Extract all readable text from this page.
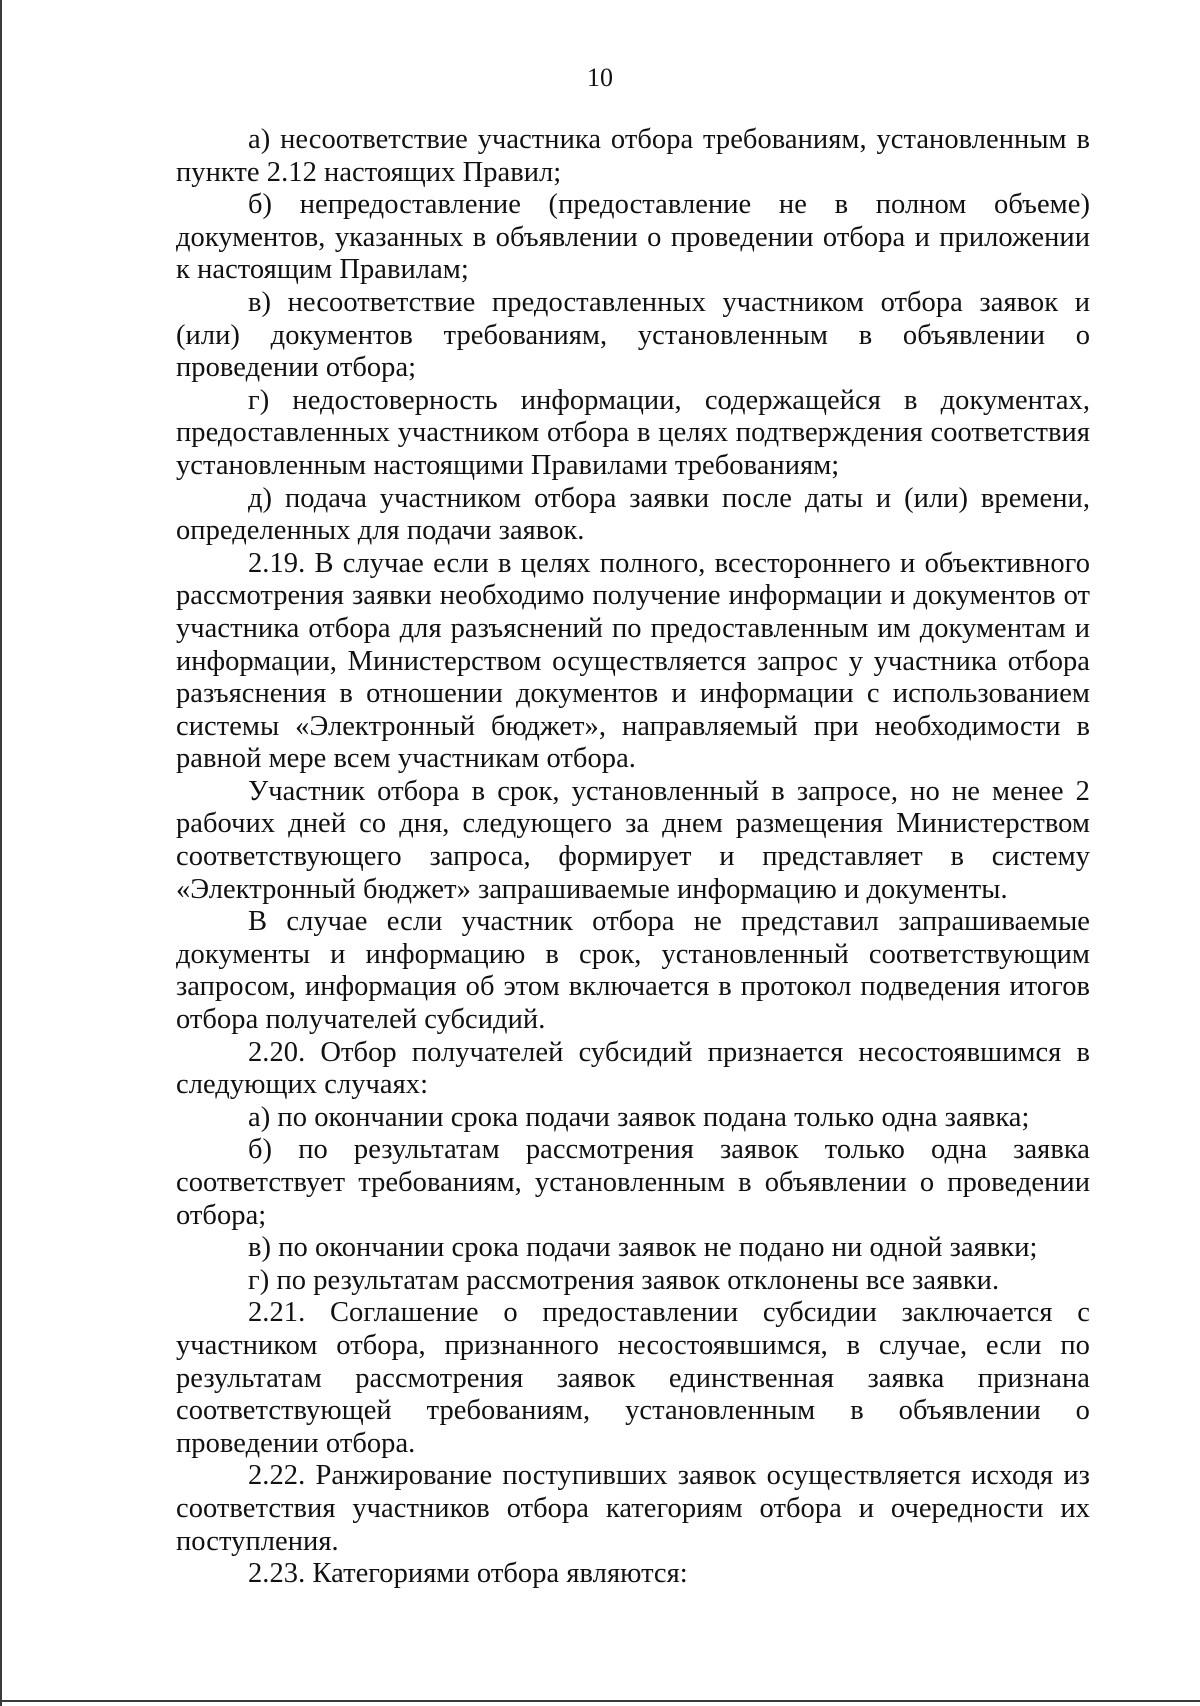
10

а) несоответствие участника отбора требованиям, установленным в пункте 2.12 настоящих Правил;

б) непредоставление (предоставление не в полном объеме) документов, указанных в объявлении о проведении отбора и приложении к настоящим Правилам;

в) несоответствие предоставленных участником отбора заявок и (или) документов требованиям, установленным в объявлении о проведении отбора;

г) недостоверность информации, содержащейся в документах, предоставленных участником отбора в целях подтверждения соответствия установленным настоящими Правилами требованиям;

д) подача участником отбора заявки после даты и (или) времени, определенных для подачи заявок.

2.19. В случае если в целях полного, всестороннего и объективного рассмотрения заявки необходимо получение информации и документов от участника отбора для разъяснений по предоставленным им документам и информации, Министерством осуществляется запрос у участника отбора разъяснения в отношении документов и информации с использованием системы «Электронный бюджет», направляемый при необходимости в равной мере всем участникам отбора.

Участник отбора в срок, установленный в запросе, но не менее 2 рабочих дней со дня, следующего за днем размещения Министерством соответствующего запроса, формирует и представляет в систему «Электронный бюджет» запрашиваемые информацию и документы.

В случае если участник отбора не представил запрашиваемые документы и информацию в срок, установленный соответствующим запросом, информация об этом включается в протокол подведения итогов отбора получателей субсидий.

2.20. Отбор получателей субсидий признается несостоявшимся в следующих случаях:

а) по окончании срока подачи заявок подана только одна заявка;

б) по результатам рассмотрения заявок только одна заявка соответствует требованиям, установленным в объявлении о проведении отбора;

в) по окончании срока подачи заявок не подано ни одной заявки;

г) по результатам рассмотрения заявок отклонены все заявки.

2.21. Соглашение о предоставлении субсидии заключается с участником отбора, признанного несостоявшимся, в случае, если по результатам рассмотрения заявок единственная заявка признана соответствующей требованиям, установленным в объявлении о проведении отбора.

2.22. Ранжирование поступивших заявок осуществляется исходя из соответствия участников отбора категориям отбора и очередности их поступления.

2.23. Категориями отбора являются:
